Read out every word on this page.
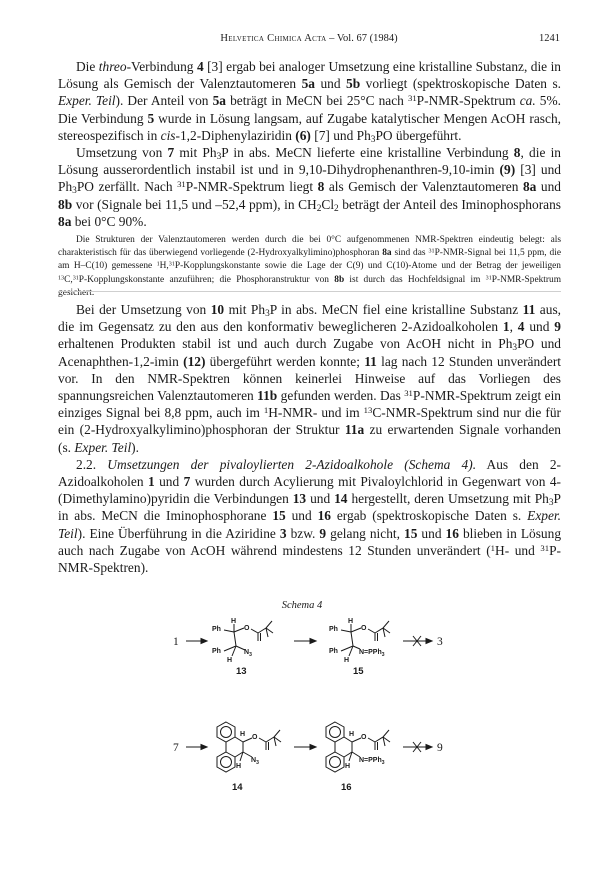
Helvetica Chimica Acta – Vol. 67 (1984)	1241

Die threo-Verbindung 4 [3] ergab bei analoger Umsetzung eine kristalline Substanz, die in Lösung als Gemisch der Valenztautomeren 5a und 5b vorliegt (spektroskopische Daten s. Exper. Teil). Der Anteil von 5a beträgt in MeCN bei 25°C nach $^{31}$P-NMR-Spektrum ca. 5%. Die Verbindung 5 wurde in Lösung langsam, auf Zugabe katalytischer Mengen AcOH rasch, stereospezifisch in cis-1,2-Diphenylaziridin (6) [7] und $Ph_3PO$ übergeführt.

Umsetzung von 7 mit $Ph_3P$ in abs. MeCN lieferte eine kristalline Verbindung 8, die in Lösung ausserordentlich instabil ist und in 9,10-Dihydrophenanthren-9,10-imin (9) [3] und $Ph_3PO$ zerfällt. Nach $^{31}$P-NMR-Spektrum liegt 8 als Gemisch der Valenztautomeren 8a und 8b vor (Signale bei 11,5 und –52,4 ppm), in $CH_2Cl_2$ beträgt der Anteil des Iminophosphorans 8a bei 0°C 90%.

Die Strukturen der Valenztautomeren werden durch die bei 0°C aufgenommenen NMR-Spektren eindeutig belegt: als charakteristisch für das überwiegend vorliegende (2-Hydroxyalkylimino)phosphoran 8a sind das $^{31}$P-NMR-Signal bei 11,5 ppm, die am H–C(10) gemessene $^1$H,$^{31}$P-Kopplungskonstante sowie die Lage der C(9) und C(10)-Atome und der Betrag der jeweiligen $^{13}$C,$^{31}$P-Kopplungskonstante anzuführen; die Phosphoranstruktur von 8b ist durch das Hochfeldsignal im $^{31}$P-NMR-Spektrum gesichert.

Bei der Umsetzung von 10 mit $Ph_3P$ in abs. MeCN fiel eine kristalline Substanz 11 aus, die im Gegensatz zu den aus den konformativ beweglicheren 2-Azidoalkoholen 1, 4 und 9 erhaltenen Produkten stabil ist und auch durch Zugabe von AcOH nicht in $Ph_3PO$ und Acenaphthen-1,2-imin (12) übergeführt werden konnte; 11 lag nach 12 Stunden unverändert vor. In den NMR-Spektren können keinerlei Hinweise auf das Vorliegen des spannungsreichen Valenztautomeren 11b gefunden werden. Das $^{31}$P-NMR-Spektrum zeigt ein einziges Signal bei 8,8 ppm, auch im $^1$H-NMR- und im $^{13}$C-NMR-Spektrum sind nur die für ein (2-Hydroxyalkylimino)phosphoran der Struktur 11a zu erwartenden Signale vorhanden (s. Exper. Teil).

2.2. Umsetzungen der pivaloylierten 2-Azidoalkohole (Schema 4). Aus den 2-Azidoalkoholen 1 und 7 wurden durch Acylierung mit Pivaloylchlorid in Gegenwart von 4-(Dimethylamino)pyridin die Verbindungen 13 und 14 hergestellt, deren Umsetzung mit $Ph_3P$ in abs. MeCN die Iminophosphorane 15 und 16 ergab (spektroskopische Daten s. Exper. Teil). Eine Überführung in die Aziridine 3 bzw. 9 gelang nicht, 15 und 16 blieben in Lösung auch nach Zugabe von AcOH während mindestens 12 Stunden unverändert ($^1$H- und $^{31}$P-NMR-Spektren).

Schema 4
1
Ph
H
O
Ph
H
$N_3$
13
Ph
H
O
Ph
H
N=PPh$_3$
15
3
7
H O
H
$N_3$
14
H O
H
N=PPh$_3$
16
9
